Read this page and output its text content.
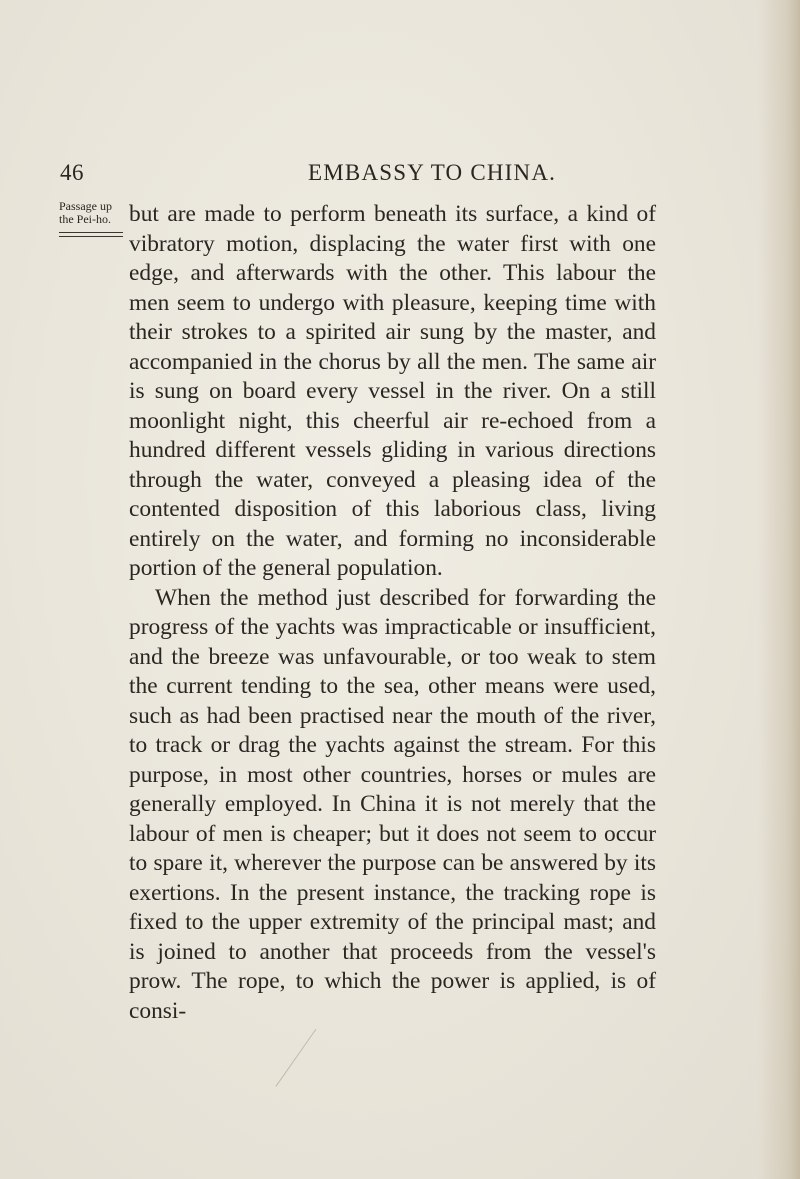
46	EMBASSY TO CHINA.
Passage up
the Pei-ho. but are made to perform beneath its surface, a kind of vibratory motion, displacing the water first with one edge, and afterwards with the other. This labour the men seem to undergo with pleasure, keeping time with their strokes to a spirited air sung by the master, and accompanied in the chorus by all the men. The same air is sung on board every vessel in the river. On a still moonlight night, this cheerful air re-echoed from a hundred different vessels gliding in various directions through the water, conveyed a pleasing idea of the contented disposition of this laborious class, living entirely on the water, and forming no inconsiderable portion of the general population.

When the method just described for forwarding the progress of the yachts was impracticable or insufficient, and the breeze was unfavourable, or too weak to stem the current tending to the sea, other means were used, such as had been practised near the mouth of the river, to track or drag the yachts against the stream. For this purpose, in most other countries, horses or mules are generally employed. In China it is not merely that the labour of men is cheaper; but it does not seem to occur to spare it, wherever the purpose can be answered by its exertions. In the present instance, the tracking rope is fixed to the upper extremity of the principal mast; and is joined to another that proceeds from the vessel's prow. The rope, to which the power is applied, is of consi-
